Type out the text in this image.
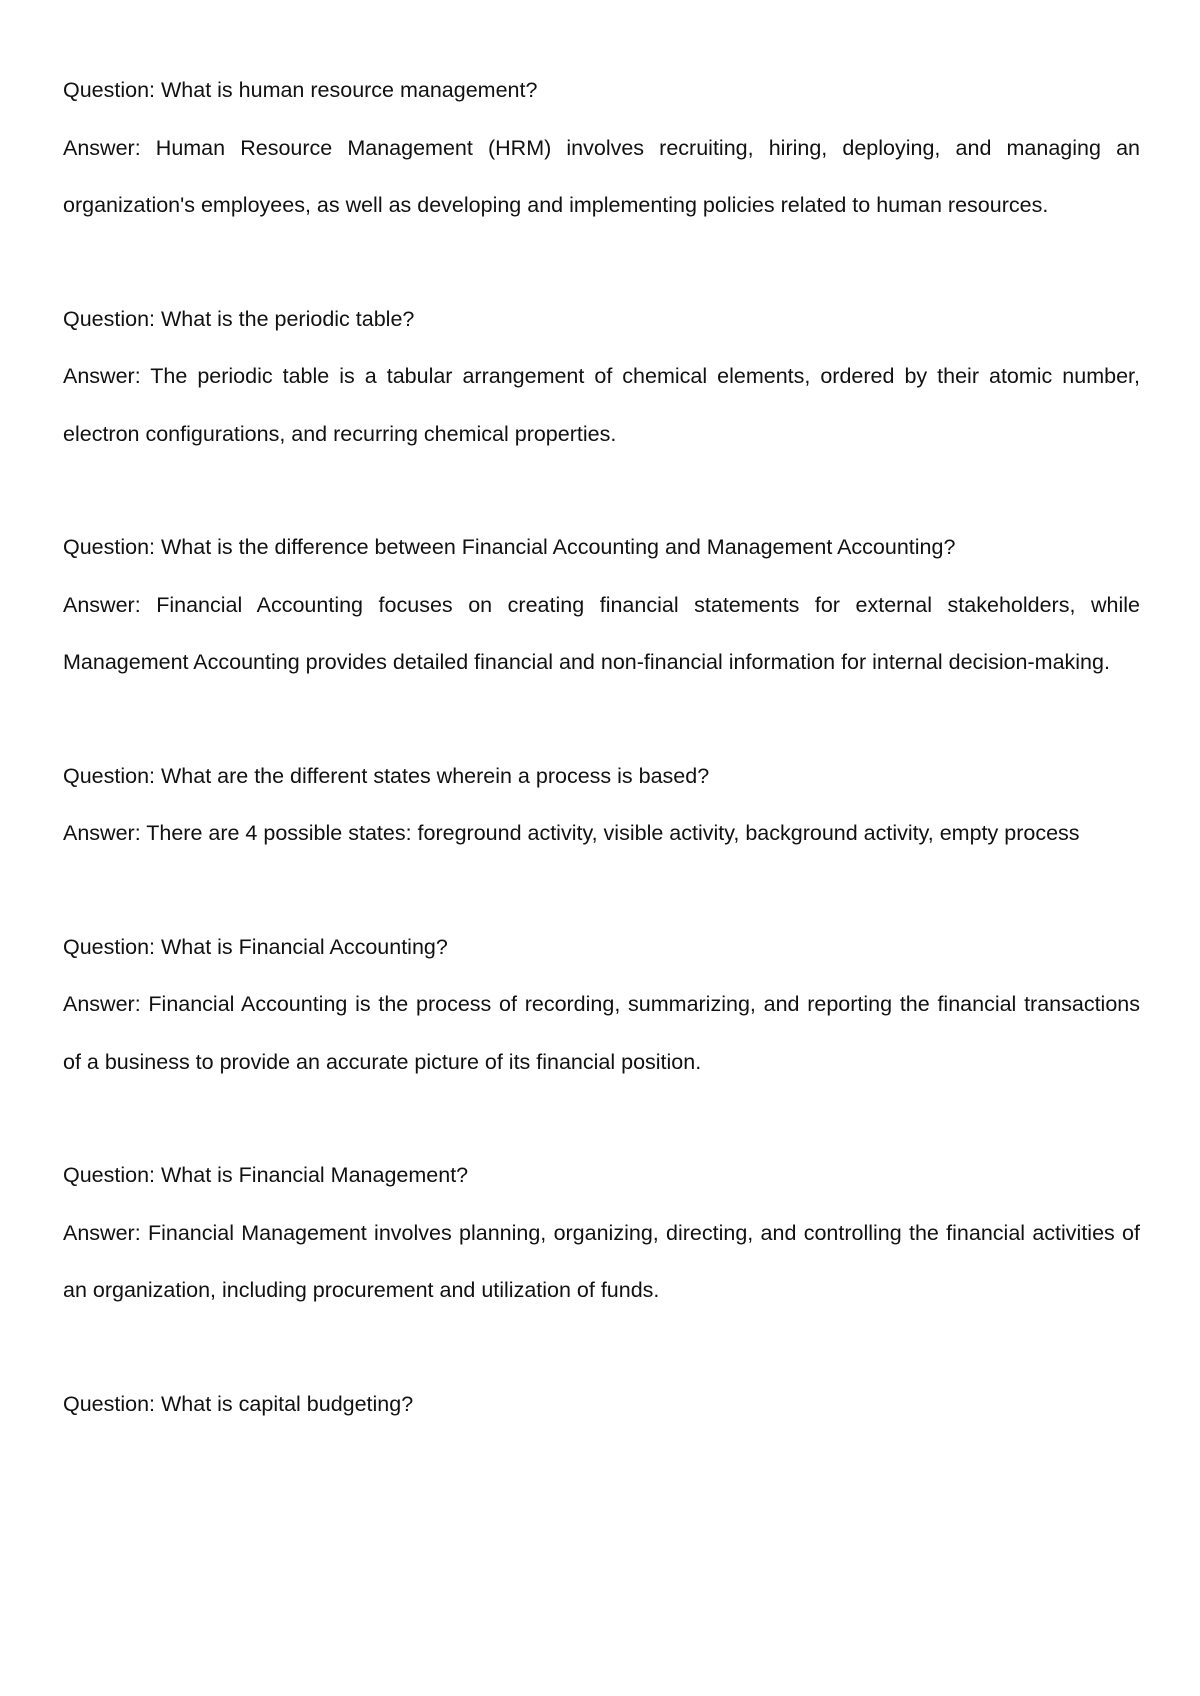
Question: What is human resource management?

Answer: Human Resource Management (HRM) involves recruiting, hiring, deploying, and managing an organization's employees, as well as developing and implementing policies related to human resources.

Question: What is the periodic table?

Answer: The periodic table is a tabular arrangement of chemical elements, ordered by their atomic number, electron configurations, and recurring chemical properties.

Question: What is the difference between Financial Accounting and Management Accounting?

Answer: Financial Accounting focuses on creating financial statements for external stakeholders, while Management Accounting provides detailed financial and non-financial information for internal decision-making.

Question: What are the different states wherein a process is based?

Answer: There are 4 possible states: foreground activity, visible activity, background activity, empty process

Question: What is Financial Accounting?

Answer: Financial Accounting is the process of recording, summarizing, and reporting the financial transactions of a business to provide an accurate picture of its financial position.

Question: What is Financial Management?

Answer: Financial Management involves planning, organizing, directing, and controlling the financial activities of an organization, including procurement and utilization of funds.

Question: What is capital budgeting?
